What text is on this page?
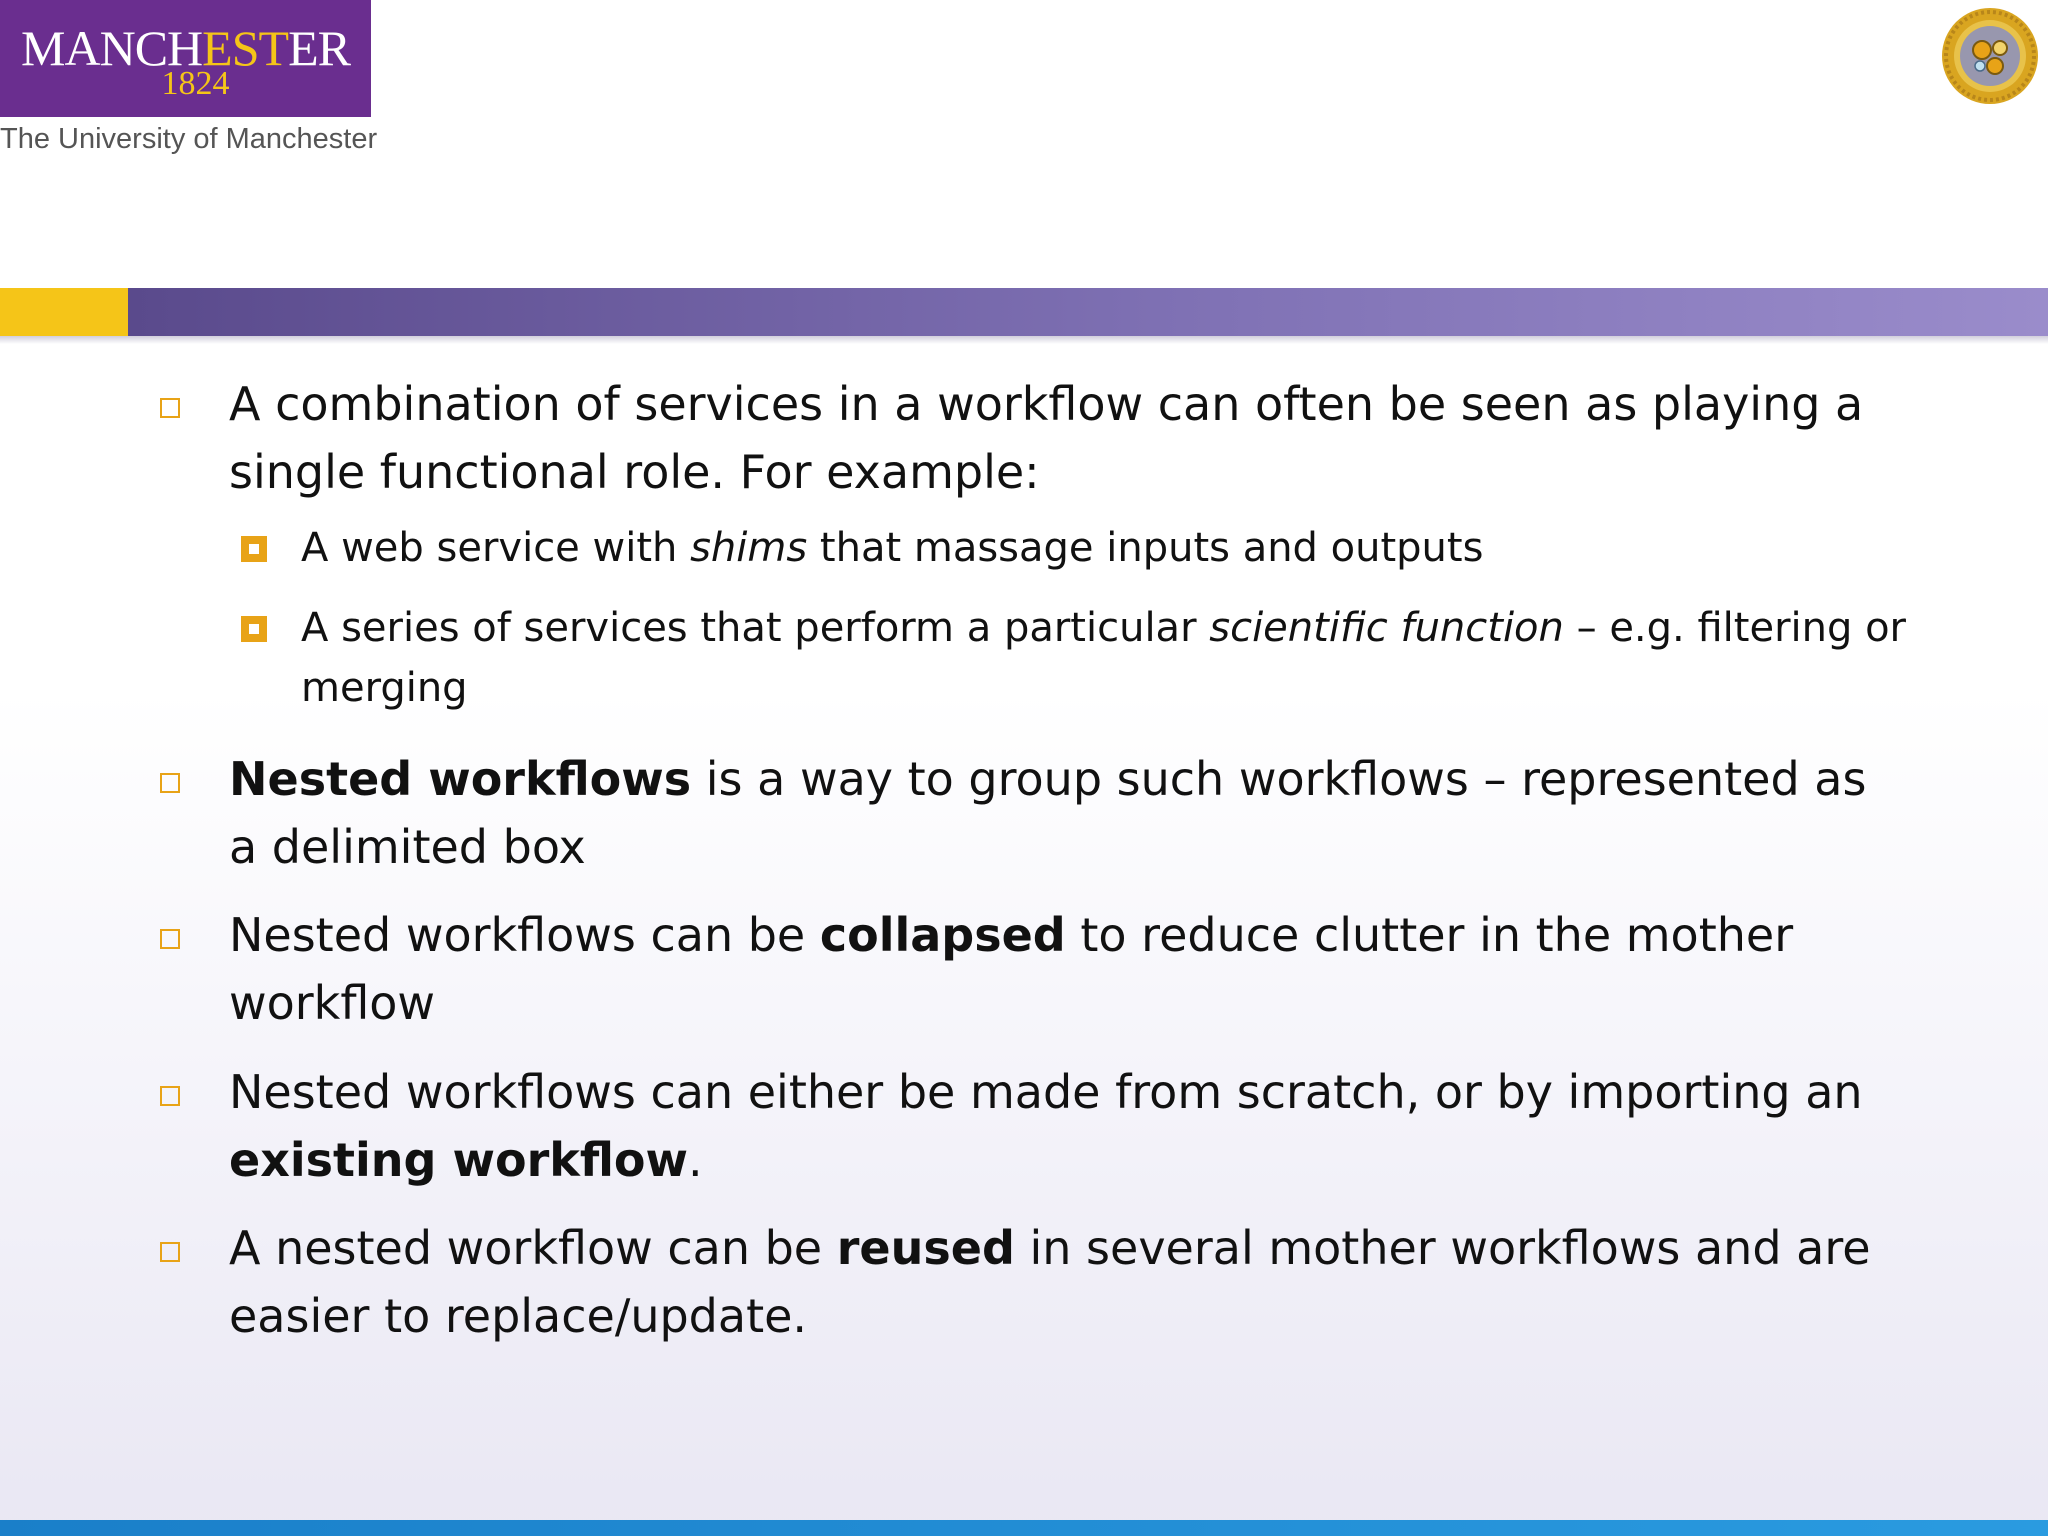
MANCHESTER
1824
The University of Manchester
A combination of services in a workflow can often be seen as playing a single functional role. For example:
A web service with shims that massage inputs and outputs
A series of services that perform a particular scientific function – e.g. filtering or merging
Nested workflows is a way to group such workflows – represented as a delimited box
Nested workflows can be collapsed to reduce clutter in the mother workflow
Nested workflows can either be made from scratch, or by importing an existing workflow.
A nested workflow can be reused in several mother workflows and are easier to replace/update.
